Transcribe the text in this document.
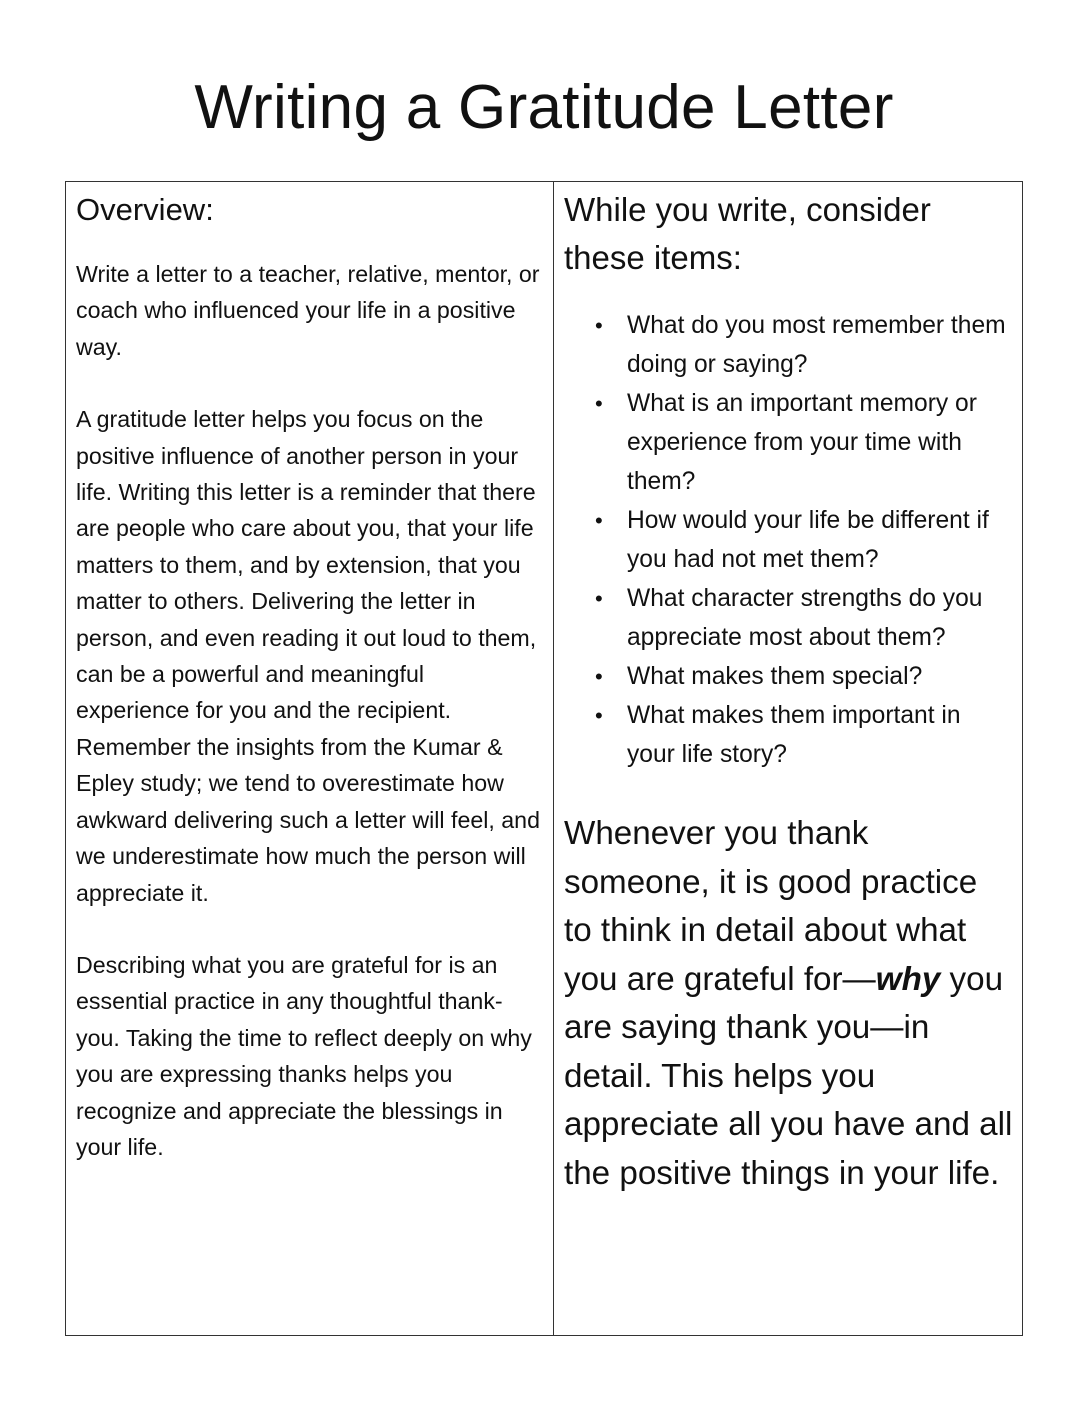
Writing a Gratitude Letter
Overview:

Write a letter to a teacher, relative, mentor, or coach who influenced your life in a positive way.

A gratitude letter helps you focus on the positive influence of another person in your life. Writing this letter is a reminder that there are people who care about you, that your life matters to them, and by extension, that you matter to others. Delivering the letter in person, and even reading it out loud to them, can be a powerful and meaningful experience for you and the recipient. Remember the insights from the Kumar & Epley study; we tend to overestimate how awkward delivering such a letter will feel, and we underestimate how much the person will appreciate it.

Describing what you are grateful for is an essential practice in any thoughtful thank-you. Taking the time to reflect deeply on why you are expressing thanks helps you recognize and appreciate the blessings in your life.

While you write, consider these items:
• What do you most remember them doing or saying?
• What is an important memory or experience from your time with them?
• How would your life be different if you had not met them?
• What character strengths do you appreciate most about them?
• What makes them special?
• What makes them important in your life story?

Whenever you thank someone, it is good practice to think in detail about what you are grateful for—why you are saying thank you—in detail. This helps you appreciate all you have and all the positive things in your life.
